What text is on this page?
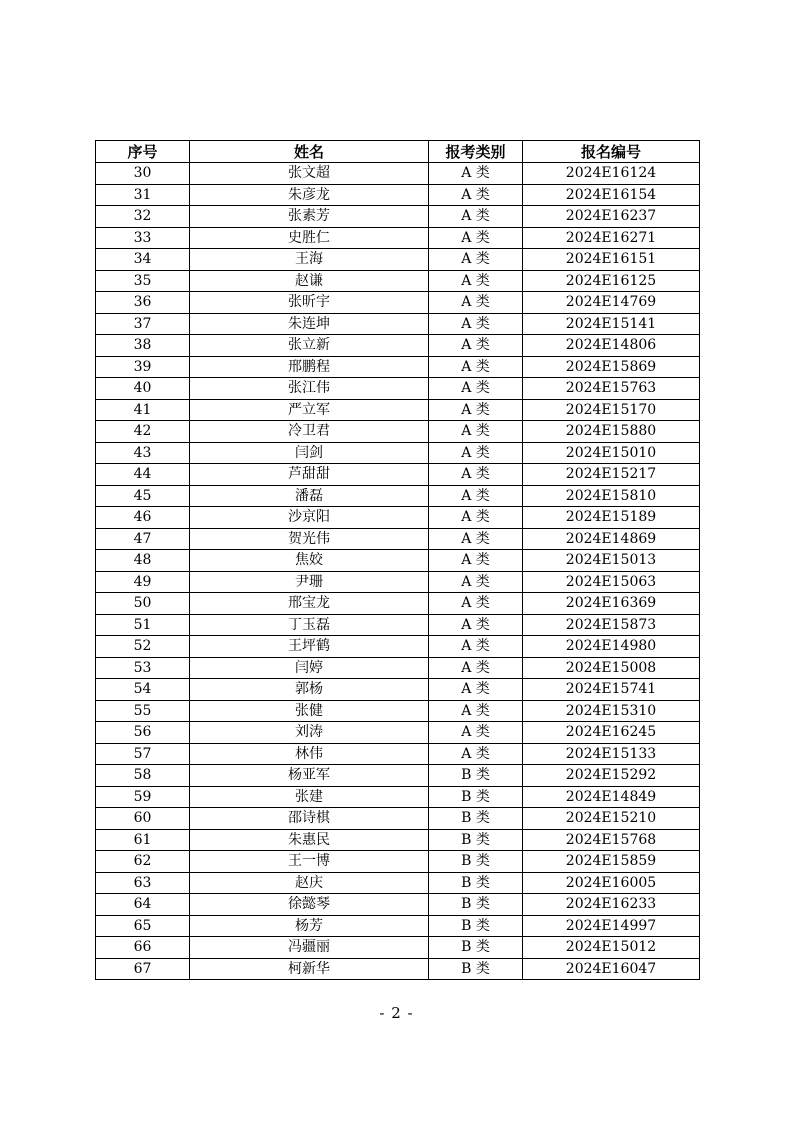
序号	姓名	报考类别	报名编号
30	张文超	A 类	2024E16124
31	朱彦龙	A 类	2024E16154
32	张素芳	A 类	2024E16237
33	史胜仁	A 类	2024E16271
34	王海	A 类	2024E16151
35	赵谦	A 类	2024E16125
36	张昕宇	A 类	2024E14769
37	朱连坤	A 类	2024E15141
38	张立新	A 类	2024E14806
39	邢鹏程	A 类	2024E15869
40	张江伟	A 类	2024E15763
41	严立军	A 类	2024E15170
42	冷卫君	A 类	2024E15880
43	闫剑	A 类	2024E15010
44	芦甜甜	A 类	2024E15217
45	潘磊	A 类	2024E15810
46	沙京阳	A 类	2024E15189
47	贺光伟	A 类	2024E14869
48	焦姣	A 类	2024E15013
49	尹珊	A 类	2024E15063
50	邢宝龙	A 类	2024E16369
51	丁玉磊	A 类	2024E15873
52	王坪鹤	A 类	2024E14980
53	闫婷	A 类	2024E15008
54	郭杨	A 类	2024E15741
55	张健	A 类	2024E15310
56	刘涛	A 类	2024E16245
57	林伟	A 类	2024E15133
58	杨亚军	B 类	2024E15292
59	张建	B 类	2024E14849
60	邵诗棋	B 类	2024E15210
61	朱惠民	B 类	2024E15768
62	王一博	B 类	2024E15859
63	赵庆	B 类	2024E16005
64	徐懿琴	B 类	2024E16233
65	杨芳	B 类	2024E14997
66	冯疆丽	B 类	2024E15012
67	柯新华	B 类	2024E16047
- 2 -
